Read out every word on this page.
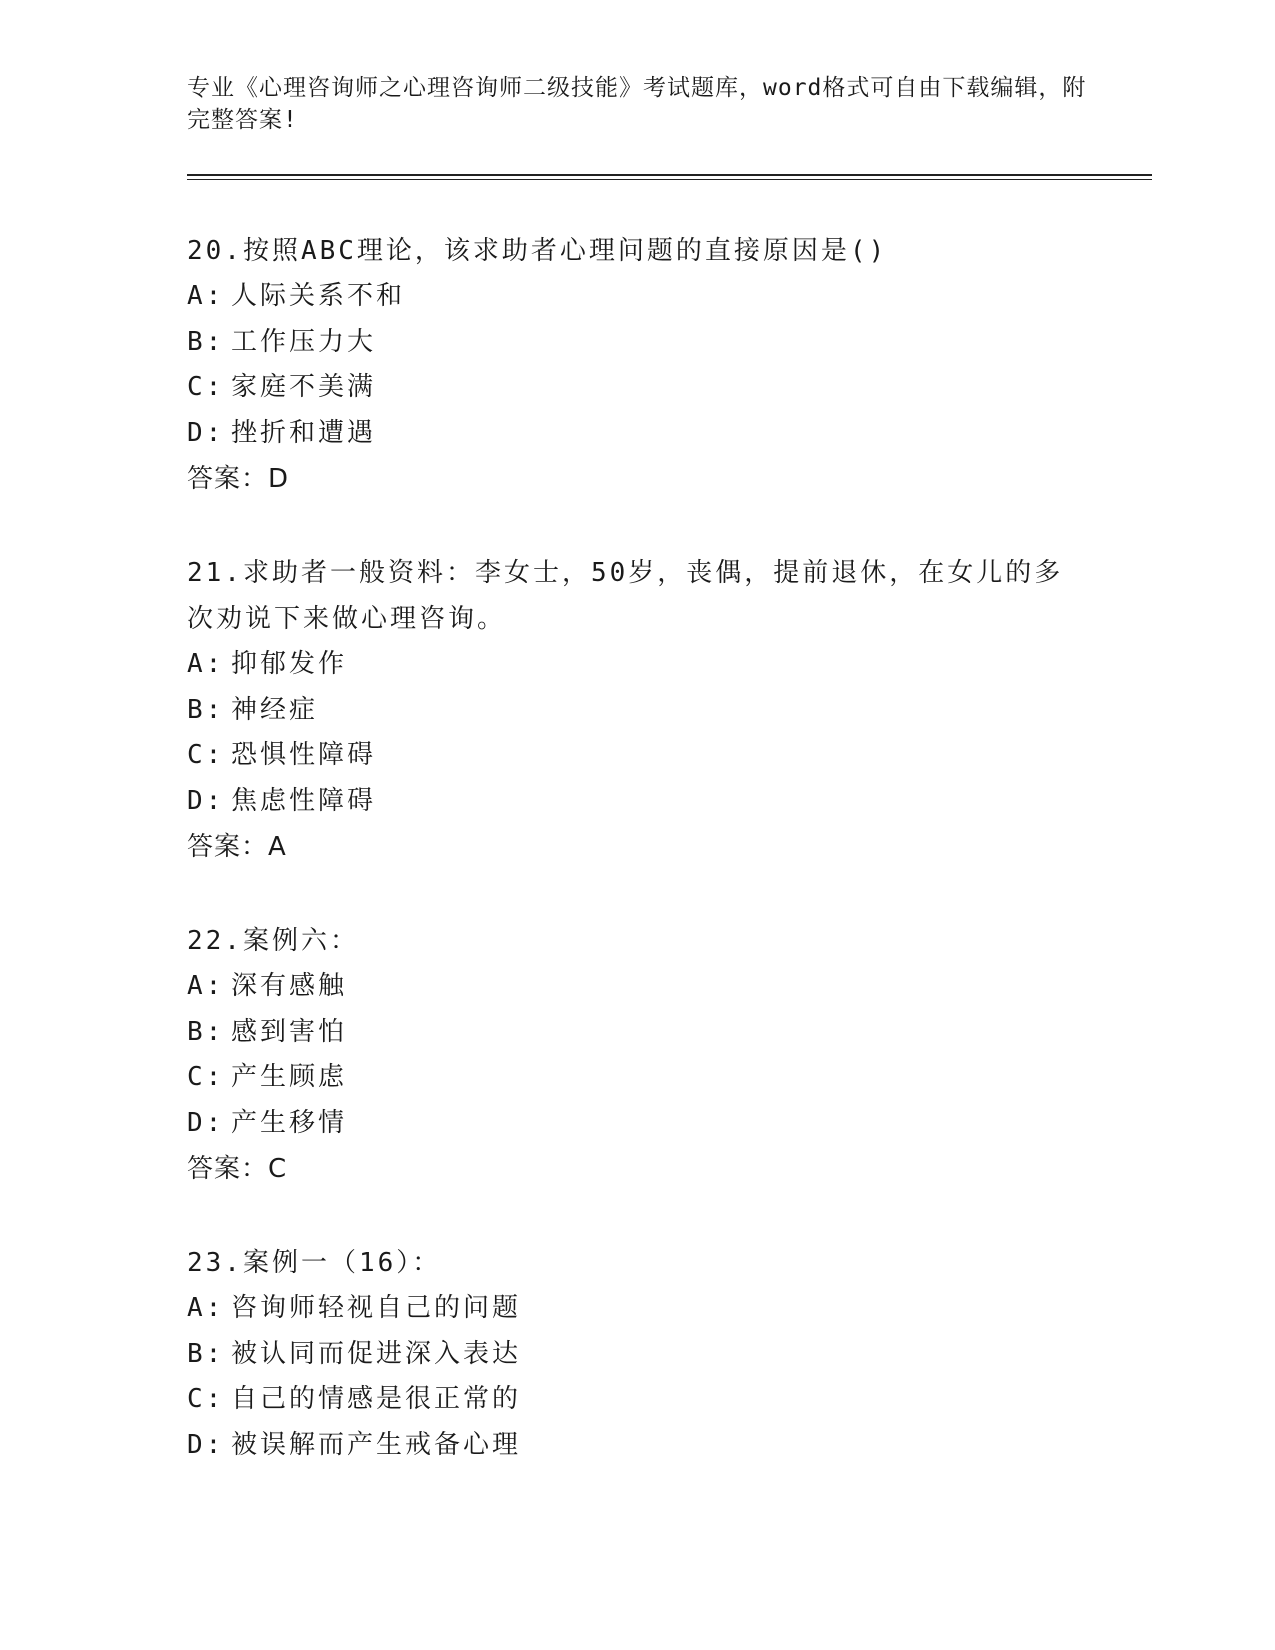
专业《心理咨询师之心理咨询师二级技能》考试题库，word格式可自由下载编辑，附完整答案!
20.按照ABC理论，该求助者心理问题的直接原因是()
A: 人际关系不和
B: 工作压力大
C: 家庭不美满
D: 挫折和遭遇
答案：D
21.求助者一般资料：李女士，50岁，丧偶，提前退休，在女儿的多次劝说下来做心理咨询。
A: 抑郁发作
B: 神经症
C: 恐惧性障碍
D: 焦虑性障碍
答案：A
22.案例六：
A: 深有感触
B: 感到害怕
C: 产生顾虑
D: 产生移情
答案：C
23.案例一（16）：
A: 咨询师轻视自己的问题
B: 被认同而促进深入表达
C: 自己的情感是很正常的
D: 被误解而产生戒备心理
